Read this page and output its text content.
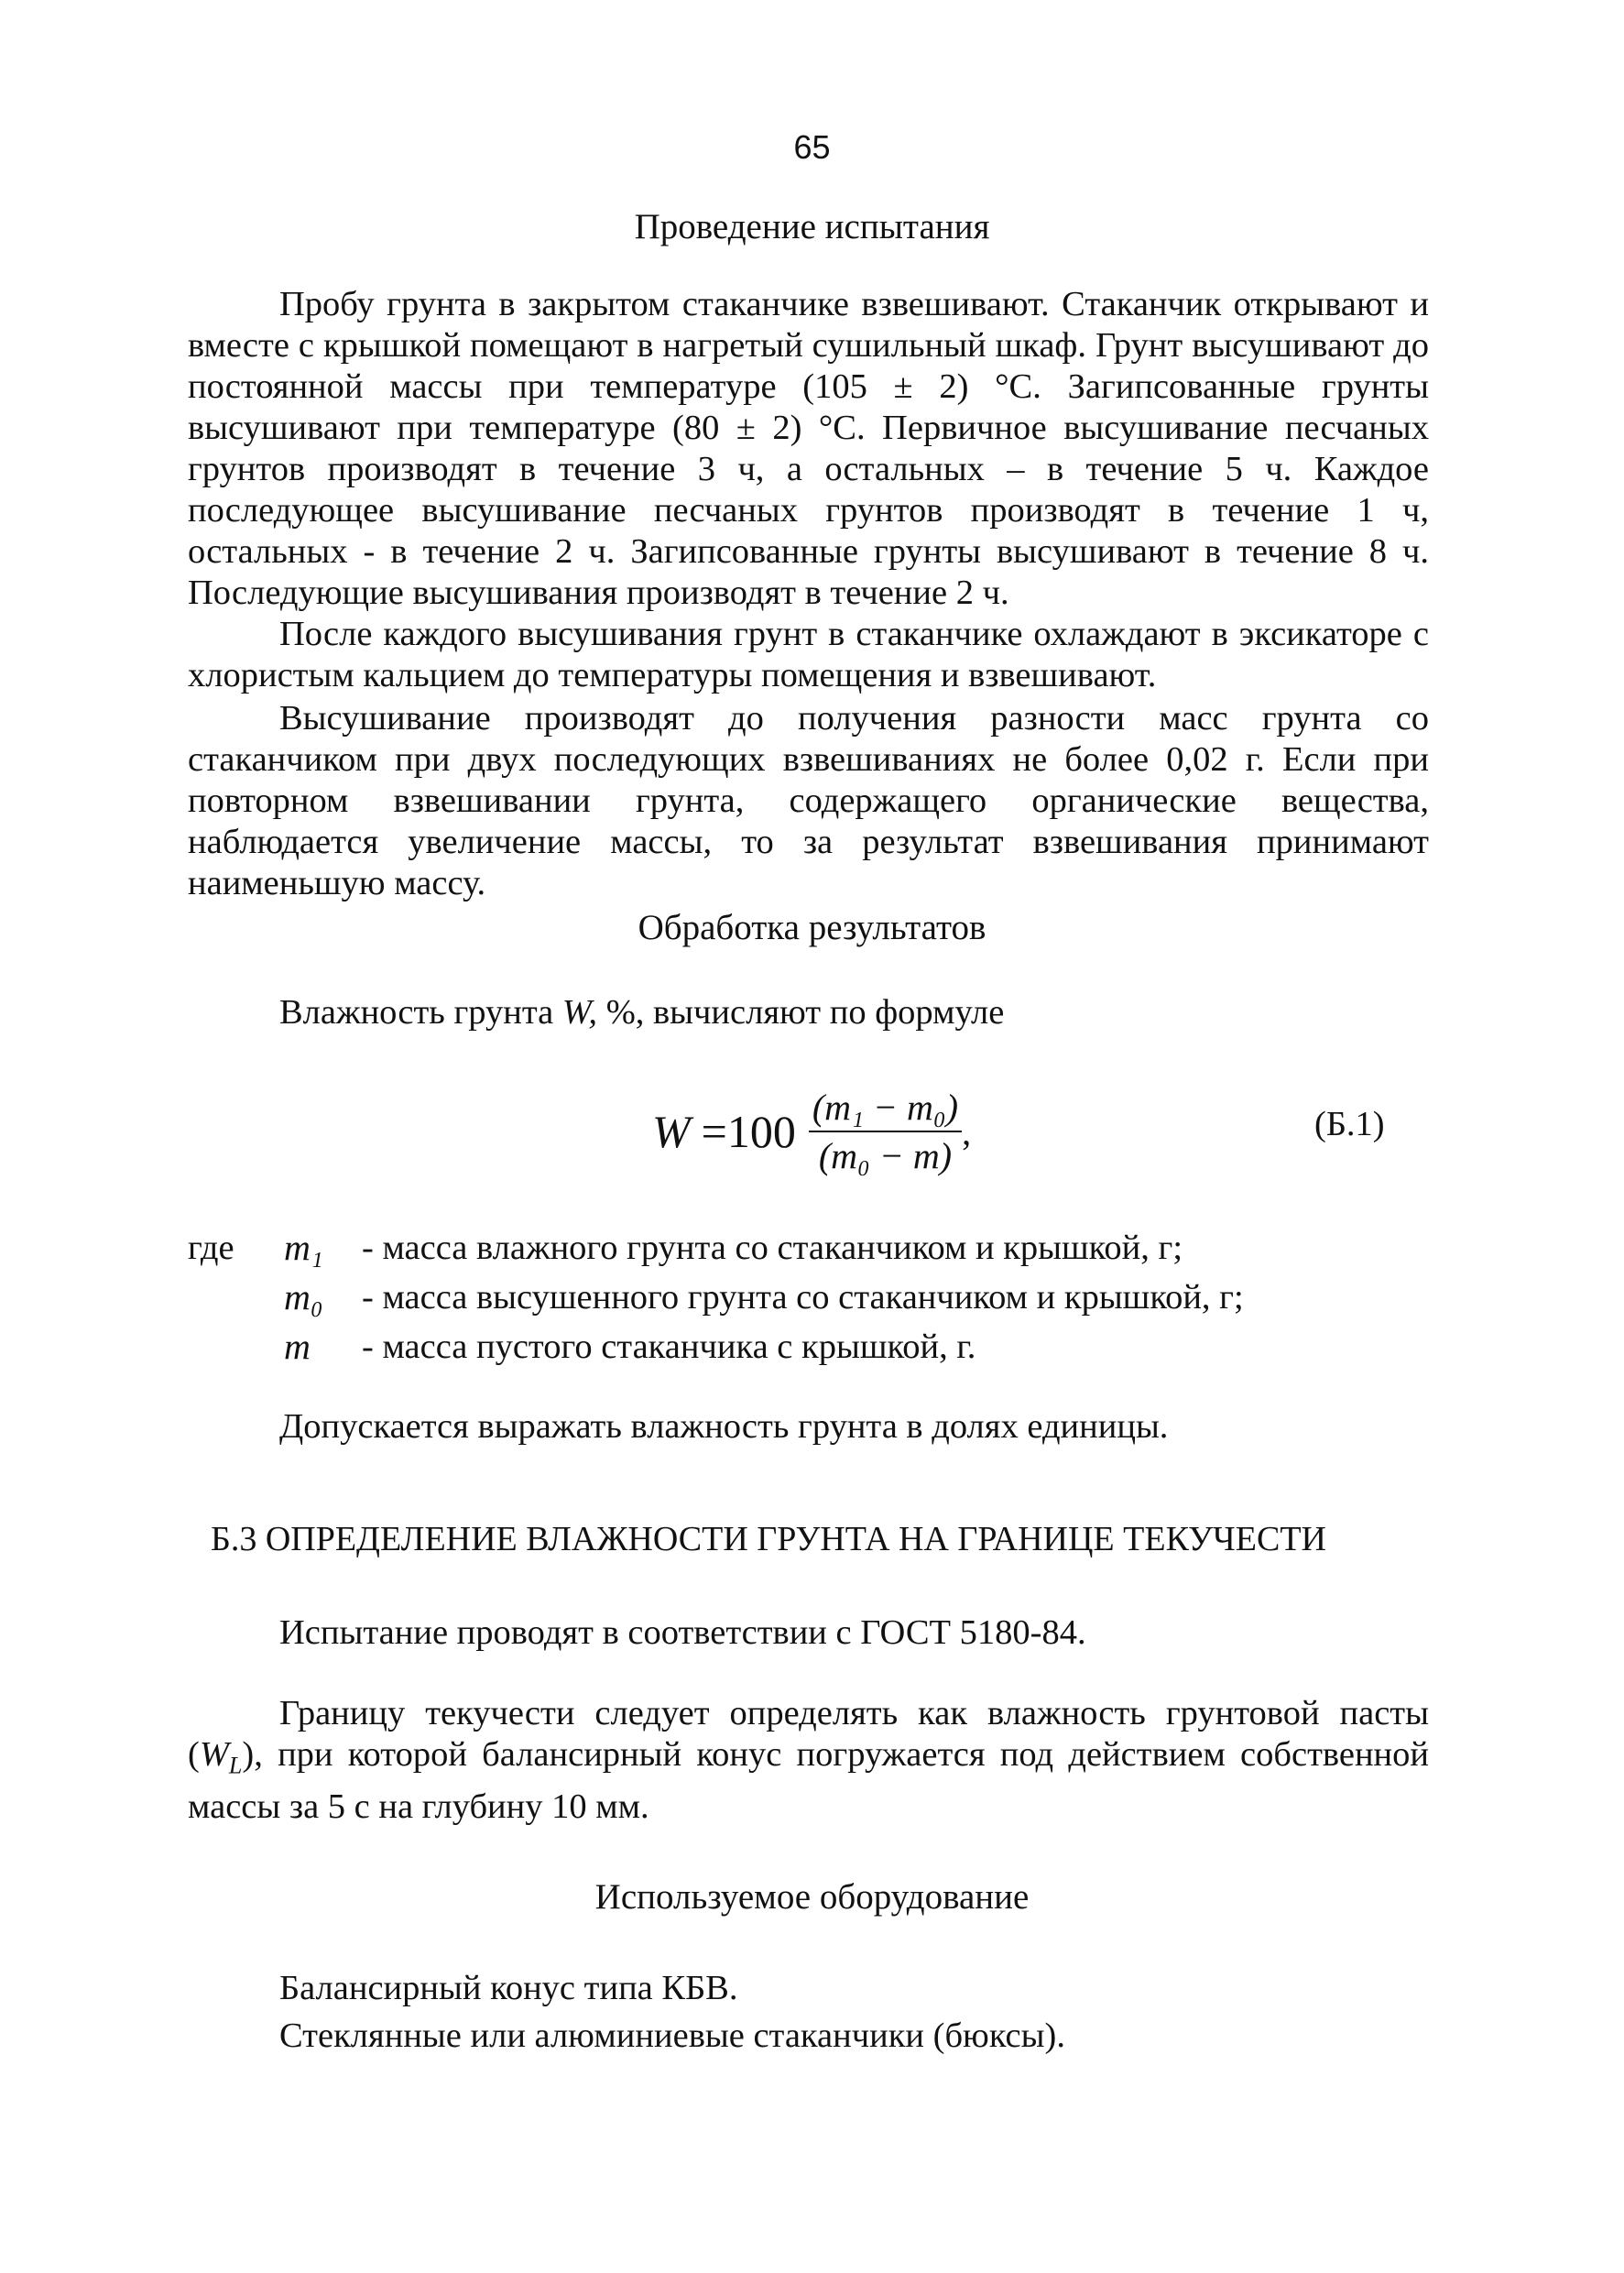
65
Проведение испытания

Пробу грунта в закрытом стаканчике взвешивают. Стаканчик открывают и вместе с крышкой помещают в нагретый сушильный шкаф. Грунт высушивают до постоянной массы при температуре (105 ± 2) °С. Загипсованные грунты высушивают при температуре (80 ± 2) °С. Первичное высушивание песчаных грунтов производят в течение 3 ч, а остальных – в течение 5 ч. Каждое последующее высушивание песчаных грунтов производят в течение 1 ч, остальных - в течение 2 ч. Загипсованные грунты высушивают в течение 8 ч. Последующие высушивания производят в течение 2 ч.

После каждого высушивания грунт в стаканчике охлаждают в эксикаторе с хлористым кальцием до температуры помещения и взвешивают.

Высушивание производят до получения разности масс грунта со стаканчиком при двух последующих взвешиваниях не более 0,02 г. Если при повторном взвешивании грунта, содержащего органические вещества, наблюдается увеличение массы, то за результат взвешивания принимают наименьшую массу.

Обработка результатов
Влажность грунта W, %, вычисляют по формуле
$W =100 \frac{\text{(m₁ − m₀)}}{\text{(m₀ − m)}}$ ,	(Б.1)
где	m₁	- масса влажного грунта со стаканчиком и крышкой, г;
m₀	- масса высушенного грунта со стаканчиком и крышкой, г;
m	- масса пустого стаканчика с крышкой, г.
Допускается выражать влажность грунта в долях единицы.
Б.3 ОПРЕДЕЛЕНИЕ ВЛАЖНОСТИ ГРУНТА НА ГРАНИЦЕ ТЕКУЧЕСТИ
Испытание проводят в соответствии с ГОСТ 5180-84.

Границу текучести следует определять как влажность грунтовой пасты $(W_L)$, при которой балансирный конус погружается под действием собственной массы за 5 с на глубину 10 мм.

Используемое оборудование
Балансирный конус типа КБВ.
Стеклянные или алюминиевые стаканчики (бюксы).
